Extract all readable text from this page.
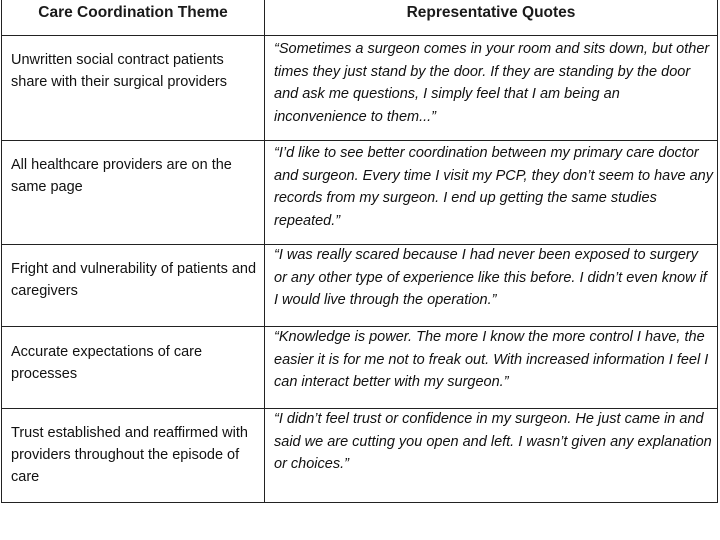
Care Coordination Theme	Representative Quotes
Unwritten social contract patients share with their surgical providers
“Sometimes a surgeon comes in your room and sits down, but other times they just stand by the door. If they are standing by the door and ask me questions, I simply feel that I am being an inconvenience to them...”
All healthcare providers are on the same page
“I’d like to see better coordination between my primary care doctor and surgeon. Every time I visit my PCP, they don’t seem to have any records from my surgeon. I end up getting the same studies repeated.”
Fright and vulnerability of patients and caregivers
“I was really scared because I had never been exposed to surgery or any other type of experience like this before. I didn’t even know if I would live through the operation.”
Accurate expectations of care processes
“Knowledge is power. The more I know the more control I have, the easier it is for me not to freak out. With increased information I feel I can interact better with my surgeon.”
Trust established and reaffirmed with providers throughout the episode of care
“I didn’t feel trust or confidence in my surgeon. He just came in and said we are cutting you open and left. I wasn’t given any explanation or choices.”
